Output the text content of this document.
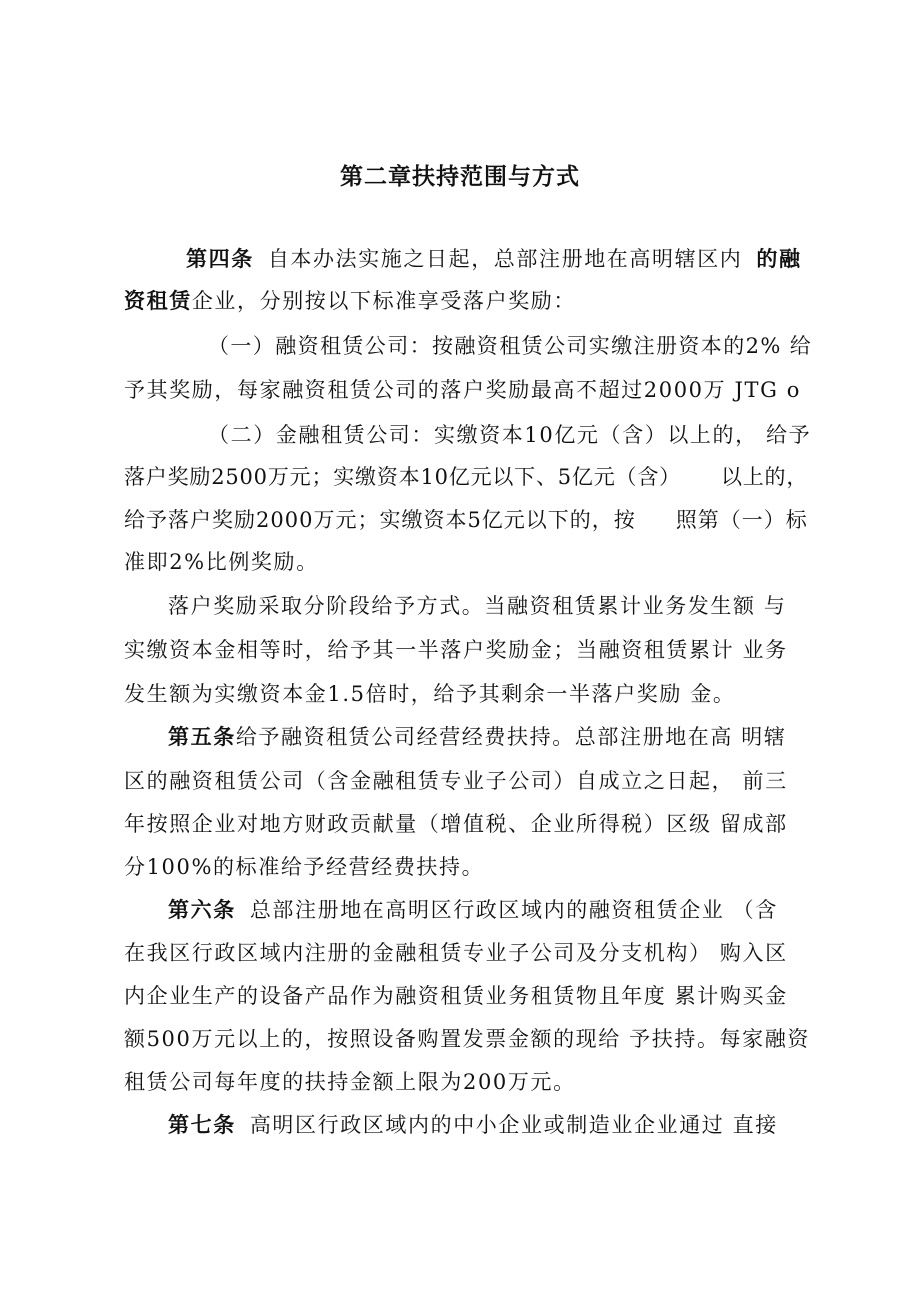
第二章扶持范围与方式
第四条 自本办法实施之日起，总部注册地在高明辖区内 的融
资租赁企业，分别按以下标准享受落户奖励：
（一）融资租赁公司：按融资租赁公司实缴注册资本的2% 给
予其奖励，每家融资租赁公司的落户奖励最高不超过2000万 JTG o
（二）金融租赁公司：实缴资本10亿元（含）以上的， 给予
落户奖励2500万元；实缴资本10亿元以下、5亿元（含） 以上的，
给予落户奖励2000万元；实缴资本5亿元以下的，按 照第（一）标
准即2%比例奖励。
落户奖励采取分阶段给予方式。当融资租赁累计业务发生额 与
实缴资本金相等时，给予其一半落户奖励金；当融资租赁累计 业务
发生额为实缴资本金1.5倍时，给予其剩余一半落户奖励 金。
第五条给予融资租赁公司经营经费扶持。总部注册地在高 明辖
区的融资租赁公司（含金融租赁专业子公司）自成立之日起， 前三
年按照企业对地方财政贡献量（增值税、企业所得税）区级 留成部
分100%的标准给予经营经费扶持。
第六条 总部注册地在高明区行政区域内的融资租赁企业 （含
在我区行政区域内注册的金融租赁专业子公司及分支机构） 购入区
内企业生产的设备产品作为融资租赁业务租赁物且年度 累计购买金
额500万元以上的，按照设备购置发票金额的现给 予扶持。每家融资
租赁公司每年度的扶持金额上限为200万元。
第七条 高明区行政区域内的中小企业或制造业企业通过 直接
